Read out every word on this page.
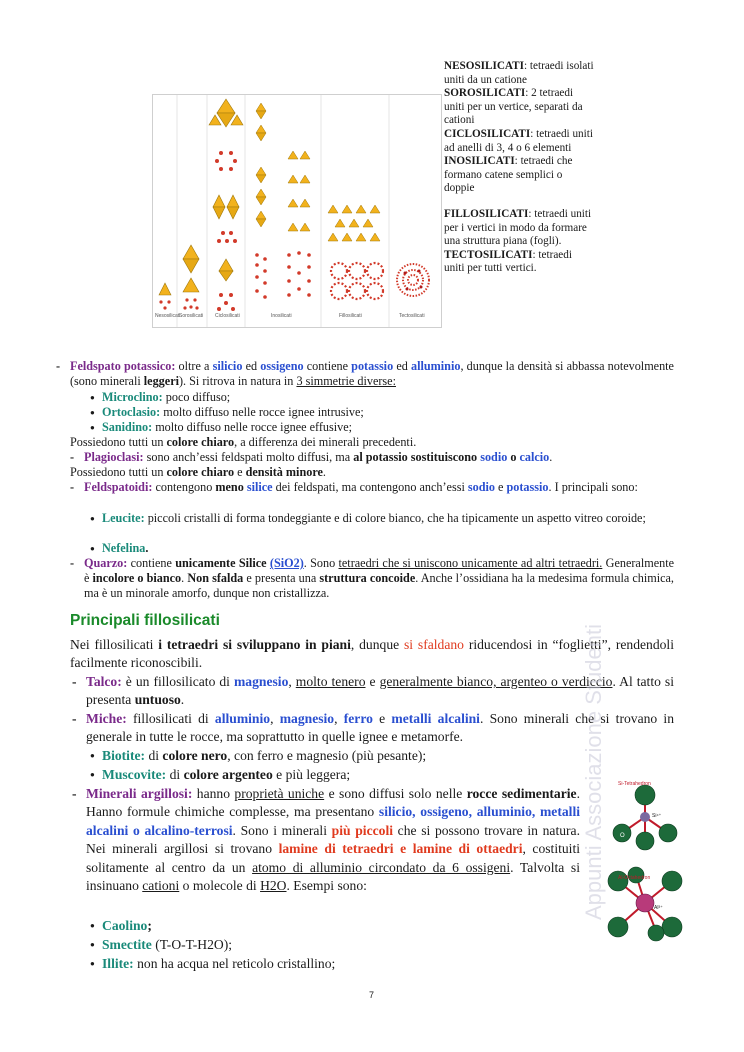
Nesosilicati
Sorosilicati Ciclosilicati	Inosilicati	Fillosilicati	Tectosilicati

NESOSILICATI: tetraedi isolati uniti da un catione

SOROSILICATI: 2 tetraedi uniti per un vertice, separati da cationi

CICLOSILICATI: tetraedi uniti ad anelli di 3, 4 o 6 elementi

INOSILICATI: tetraedi che formano catene semplici o doppie

FILLOSILICATI: tetraedi uniti per i vertici in modo da formare una struttura piana (fogli).

TECTOSILICATI: tetraedi uniti per tutti vertici.

- Feldspato potassico: oltre a silicio ed ossigeno contiene potassio ed alluminio, dunque la densità si abbassa notevolmente (sono minerali leggeri). Si ritrova in natura in 3 simmetrie diverse:
● Microclino: poco diffuso;
● Ortoclasio: molto diffuso nelle rocce ignee intrusive;
● Sanidino: molto diffuso nelle rocce ignee effusive;
Possiedono tutti un colore chiaro, a differenza dei minerali precedenti.
- Plagioclasi: sono anch’essi feldspati molto diffusi, ma al potassio sostituiscono sodio o calcio.
Possiedono tutti un colore chiaro e densità minore.
- Feldspatoidi: contengono meno silice dei feldspati, ma contengono anch’essi sodio e potassio. I principali sono:
● Leucite: piccoli cristalli di forma tondeggiante e di colore bianco, che ha tipicamente un aspetto vitreo coroide;
● Nefelina.
- Quarzo: contiene unicamente Silice (SiO2). Sono tetraedri che si uniscono unicamente ad altri tetraedri. Generalmente è incolore o bianco. Non sfalda e presenta una struttura concoide. Anche l’ossidiana ha la medesima formula chimica, ma è un minorale amorfo, dunque non cristallizza.
Principali fillosilicati
Nei fillosilicati i tetraedri si sviluppano in piani, dunque si sfaldano riducendosi in “foglietti”, rendendoli facilmente riconoscibili.
- Talco: è un fillosilicato di magnesio, molto tenero e generalmente bianco, argenteo o verdiccio. Al tatto si presenta untuoso.
- Miche: fillosilicati di alluminio, magnesio, ferro e metalli alcalini. Sono minerali che si trovano in generale in tutte le rocce, ma soprattutto in quelle ignee e metamorfe.
● Biotite: di colore nero, con ferro e magnesio (più pesante);
● Muscovite: di colore argenteo e più leggera;
- Minerali argillosi: hanno proprietà uniche e sono diffusi solo nelle rocce sedimentarie. Hanno formule chimiche complesse, ma presentano silicio, ossigeno, alluminio, metalli alcalini o alcalino-terrosi. Sono i minerali più piccoli che si possono trovare in natura. Nei minerali argillosi si trovano lamine di tetraedri e lamine di ottaedri, costituiti solitamente al centro da un atomo di alluminio circondato da 6 ossigeni. Talvolta si insinuano cationi o molecole di H2O. Esempi sono:
● Caolino;
● Smectite (T-O-T-H2O);
● Illite: non ha acqua nel reticolo cristallino;
Si-Tetrahedron
Si⁴⁺
Al-Octahedron
Al³⁺
O
Appunti Associazione Studenti
7
